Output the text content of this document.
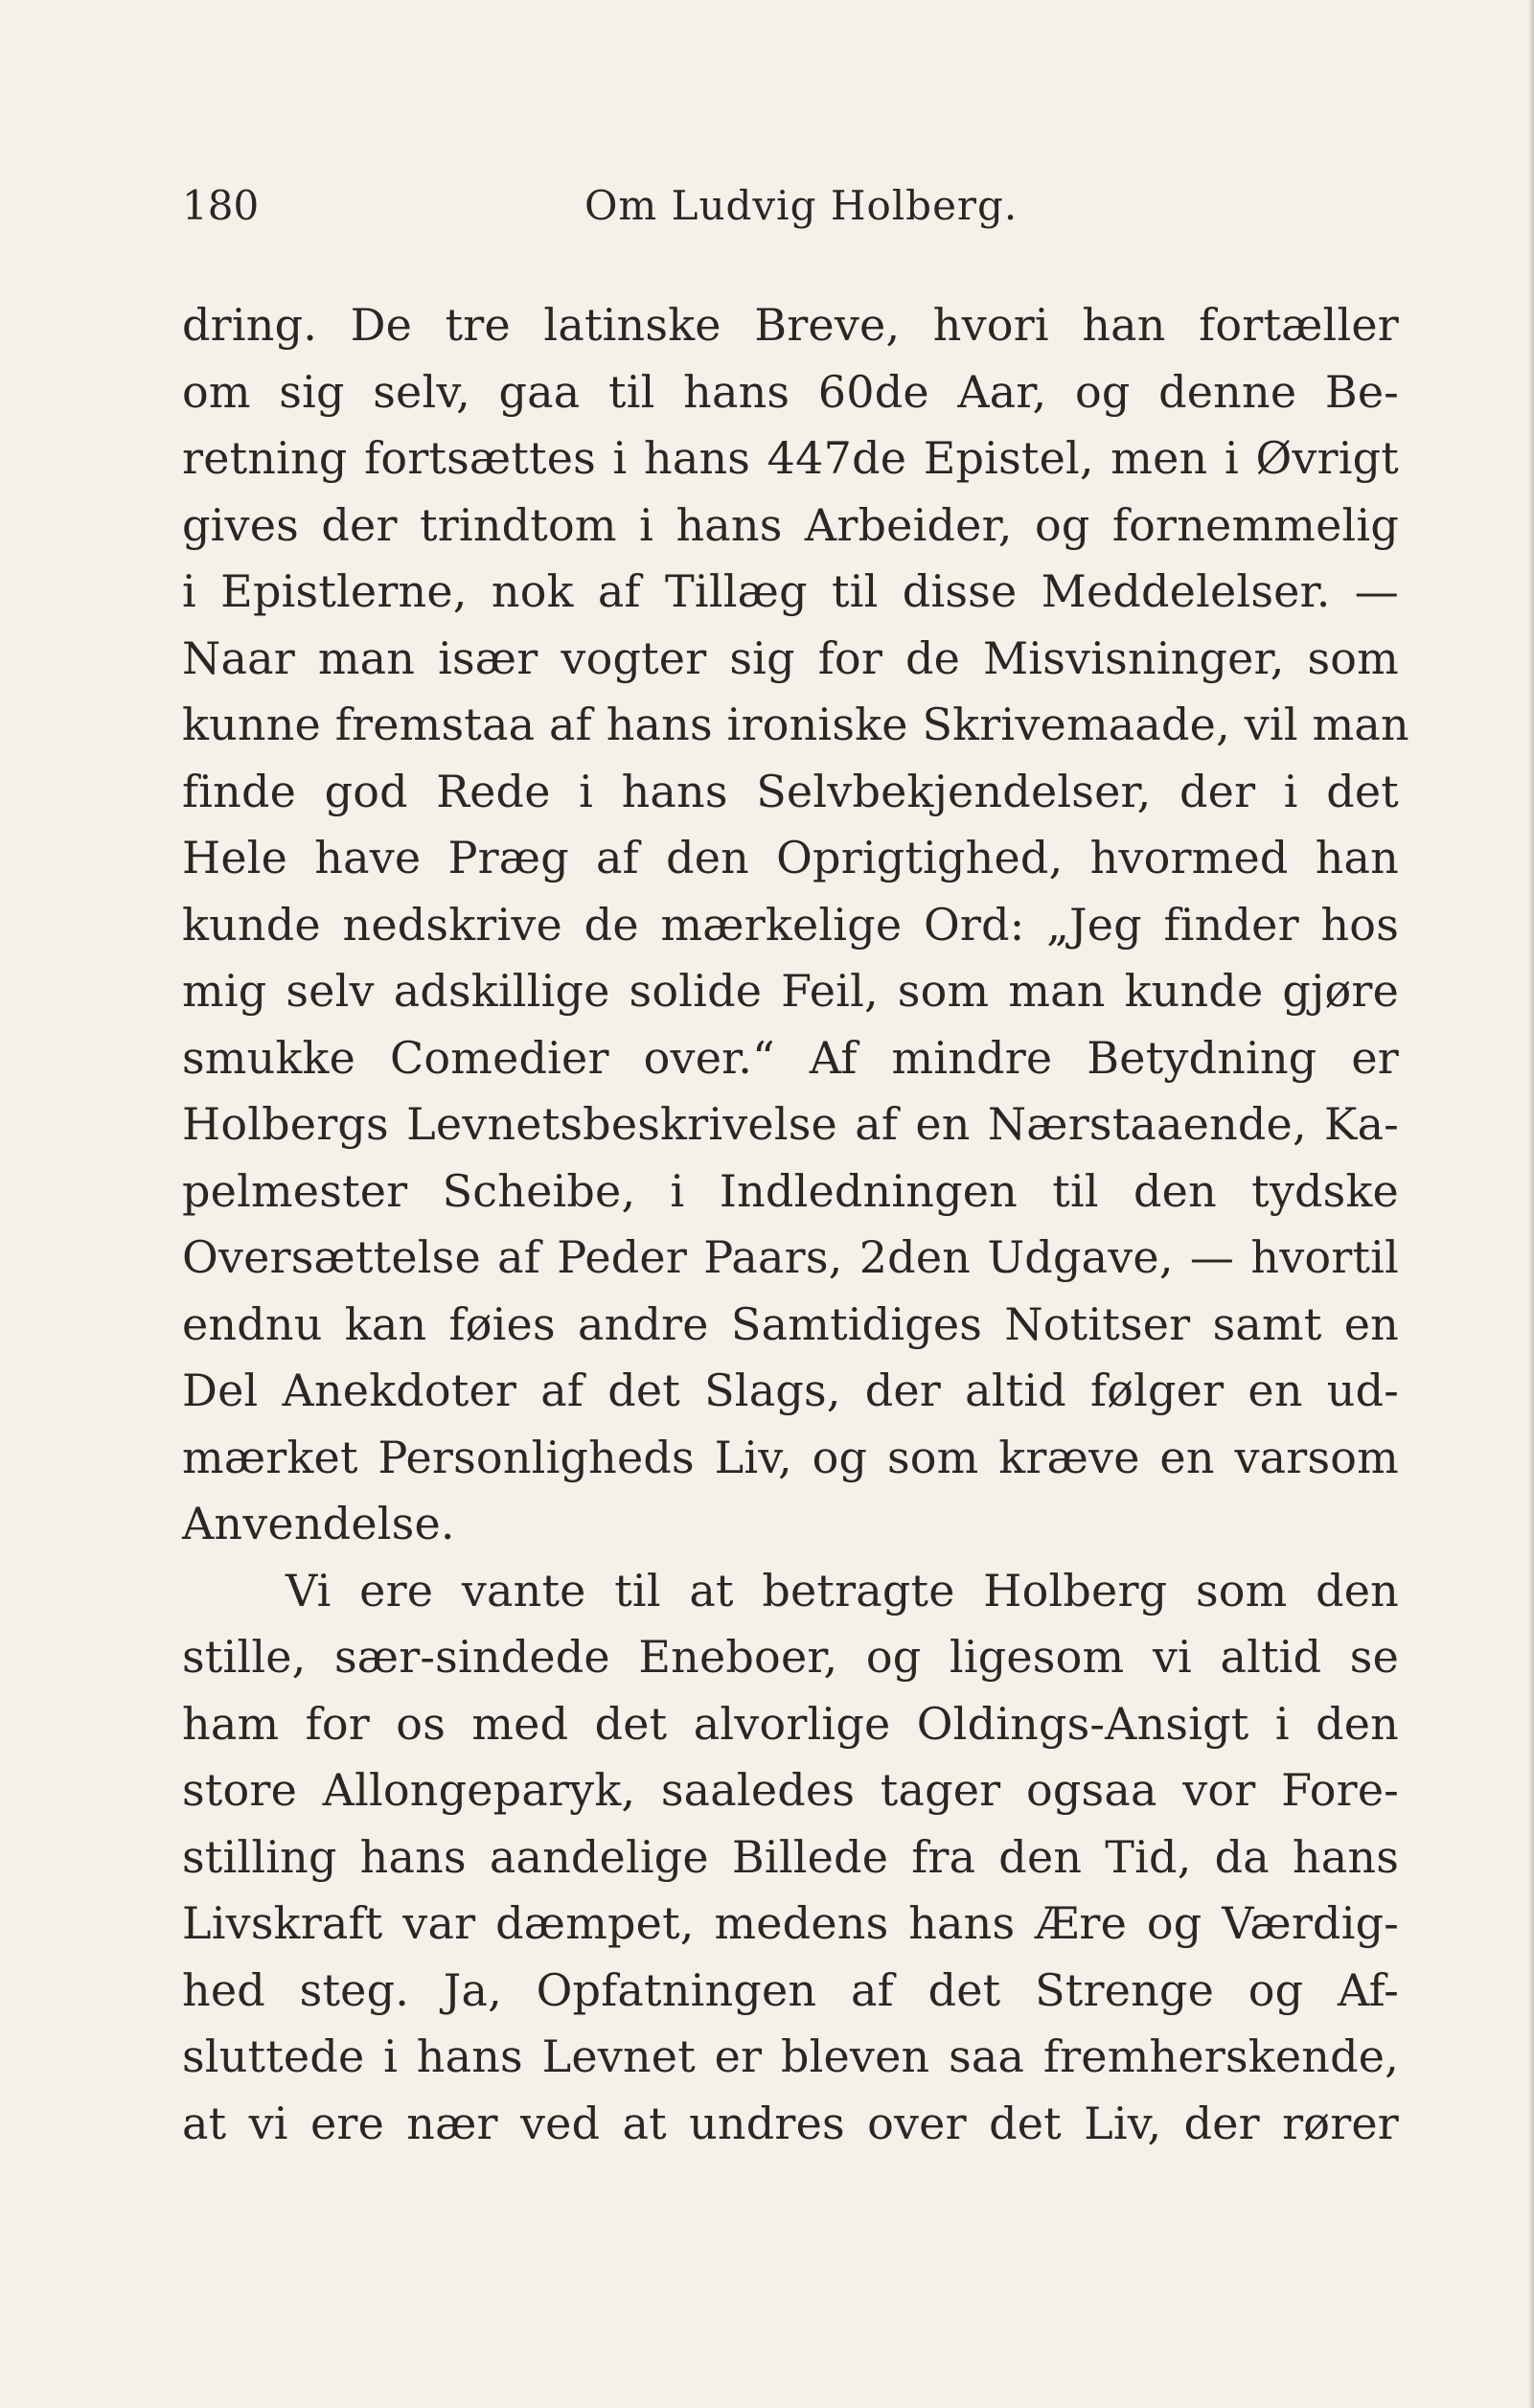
180	Om Ludvig Holberg.
dring. De tre latinske Breve, hvori han fortæller
om sig selv, gaa til hans 60de Aar, og denne Be-
retning fortsættes i hans 447de Epistel, men i Øvrigt
gives der trindtom i hans Arbeider, og fornemmelig
i Epistlerne, nok af Tillæg til disse Meddelelser. —
Naar man især vogter sig for de Misvisninger, som
kunne fremstaa af hans ironiske Skrivemaade, vil man
finde god Rede i hans Selvbekjendelser, der i det
Hele have Præg af den Oprigtighed, hvormed han
kunde nedskrive de mærkelige Ord: „Jeg finder hos
mig selv adskillige solide Feil, som man kunde gjøre
smukke Comedier over.“ Af mindre Betydning er
Holbergs Levnetsbeskrivelse af en Nærstaaende, Ka-
pelmester Scheibe, i Indledningen til den tydske
Oversættelse af Peder Paars, 2den Udgave, — hvortil
endnu kan føies andre Samtidiges Notitser samt en
Del Anekdoter af det Slags, der altid følger en ud-
mærket Personligheds Liv, og som kræve en varsom
Anvendelse.
Vi ere vante til at betragte Holberg som den
stille, sær-sindede Eneboer, og ligesom vi altid se
ham for os med det alvorlige Oldings-Ansigt i den
store Allongeparyk, saaledes tager ogsaa vor Fore-
stilling hans aandelige Billede fra den Tid, da hans
Livskraft var dæmpet, medens hans Ære og Værdig-
hed steg. Ja, Opfatningen af det Strenge og Af-
sluttede i hans Levnet er bleven saa fremherskende,
at vi ere nær ved at undres over det Liv, der rører
